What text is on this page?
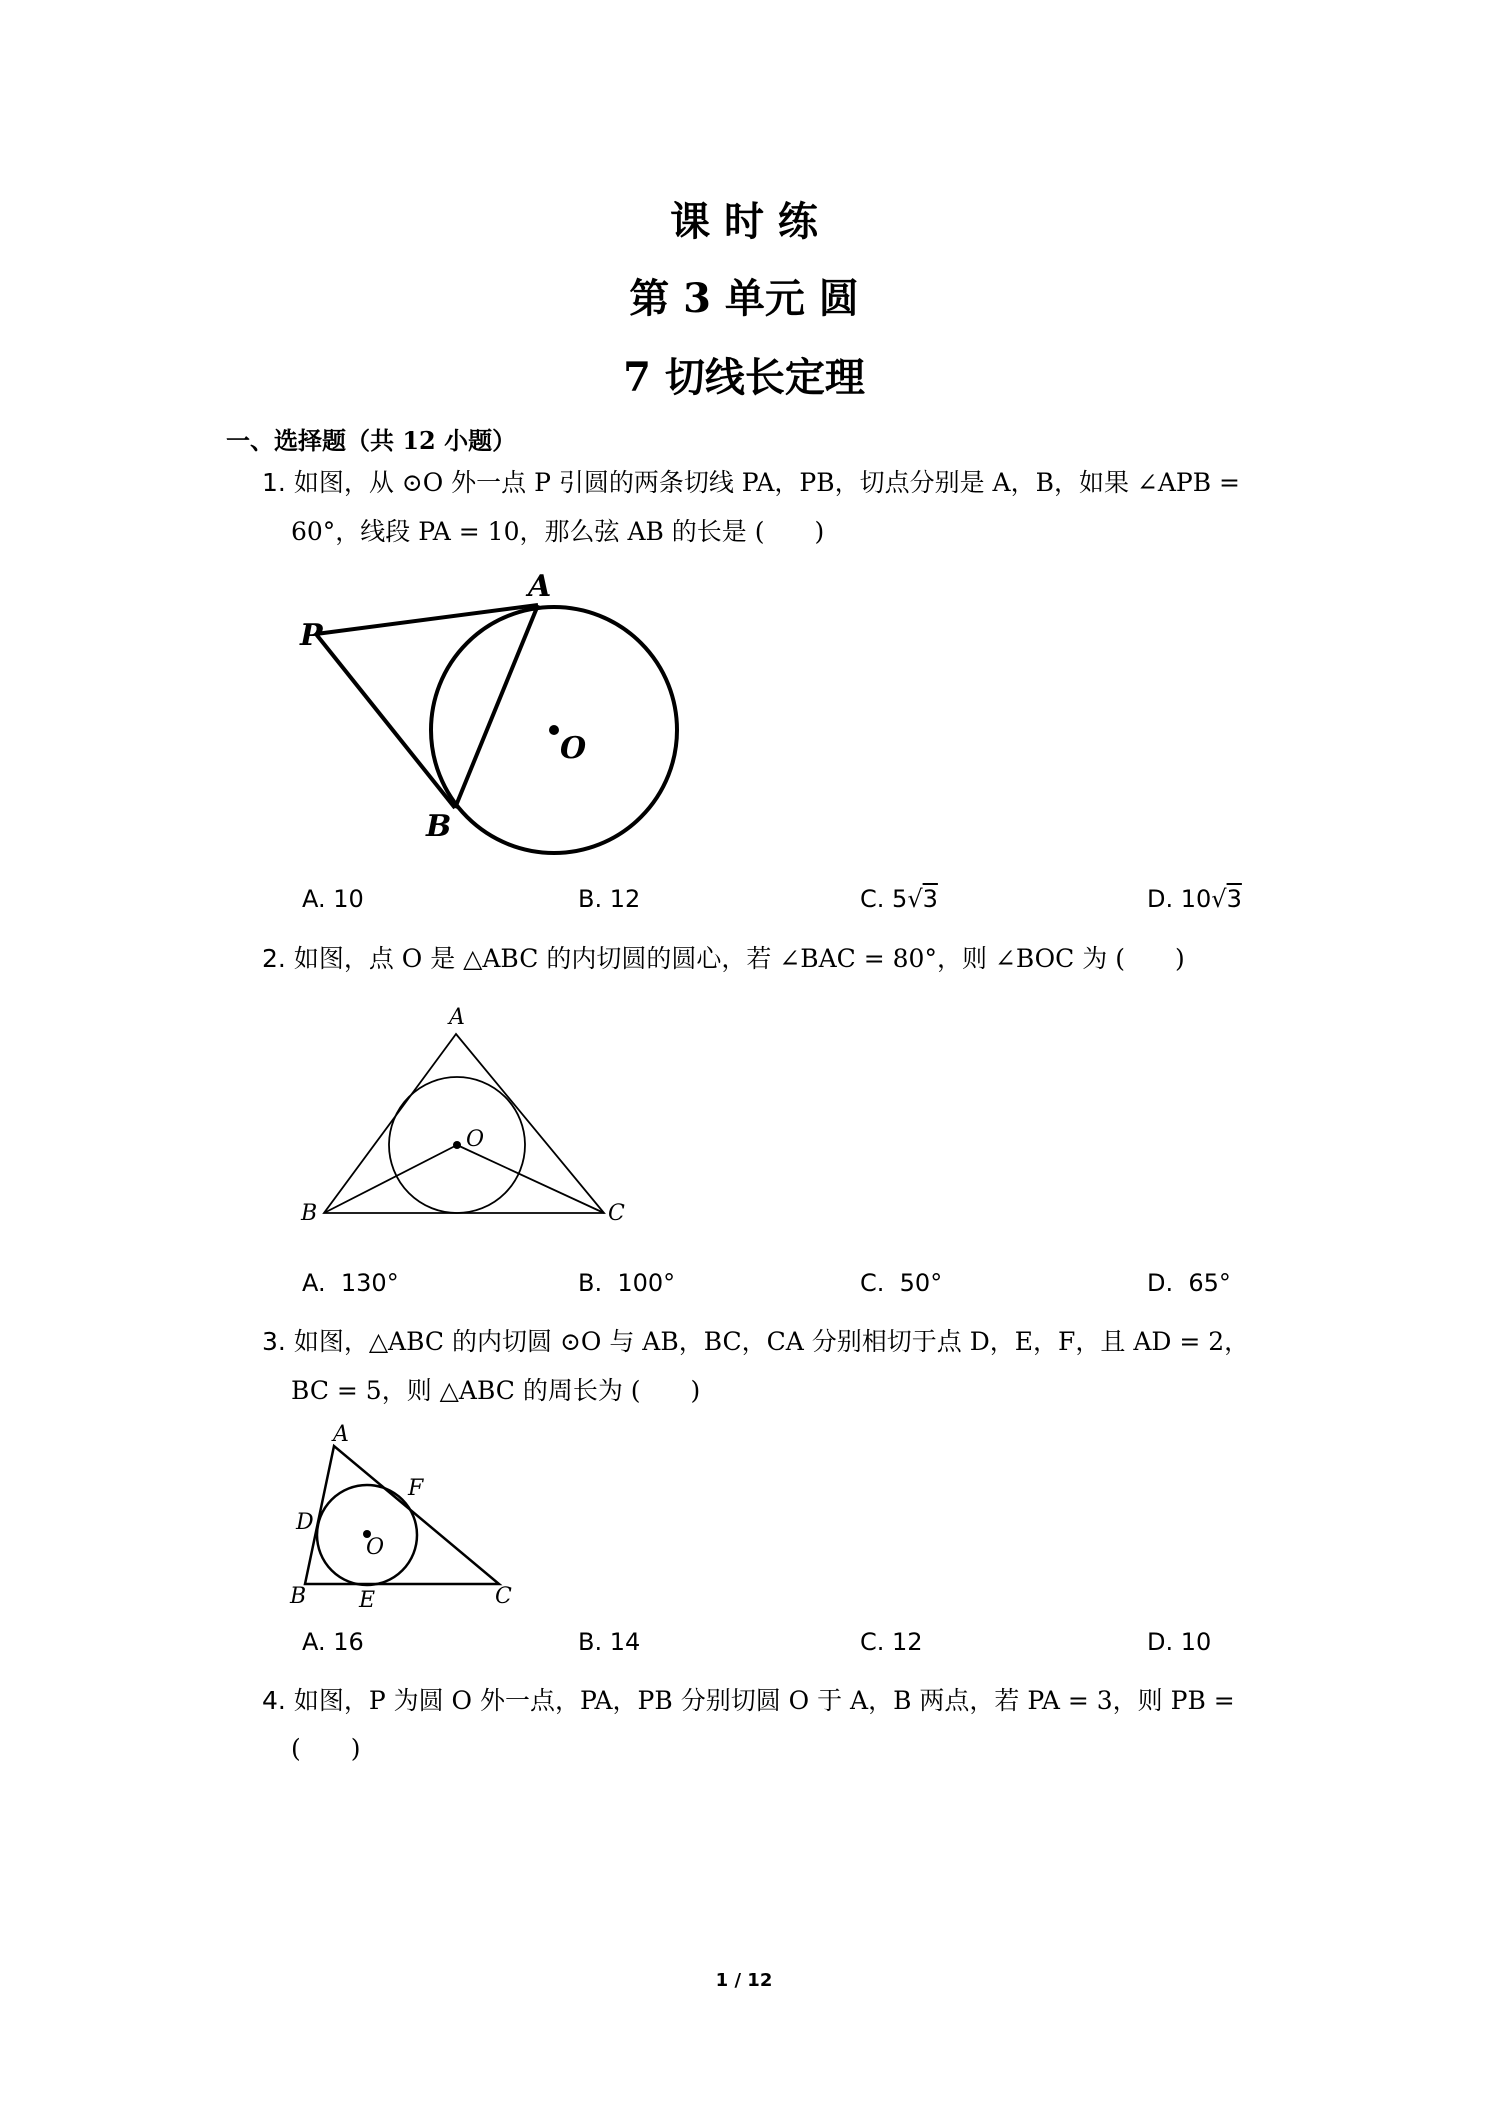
课 时 练
第 3 单元 圆
7 切线长定理
一、选择题（共 12 小题）
1. 如图，从 ⊙O 外一点 P 引圆的两条切线 PA，PB，切点分别是 A，B，如果 ∠APB =
60°，线段 PA = 10，那么弦 AB 的长是 (　　)
P
A
B
O
A. 10	B. 12	C. 5√3	D. 10√3
2. 如图，点 O 是 △ABC 的内切圆的圆心，若 ∠BAC = 80°，则 ∠BOC 为 (　　)
A
B	C
O
A. 130°	B. 100°	C. 50°	D. 65°
3. 如图，△ABC 的内切圆 ⊙O 与 AB，BC，CA 分别相切于点 D，E，F，且 AD = 2，
BC = 5，则 △ABC 的周长为 (　　)
A
D
F
O
B E	C
A. 16	B. 14	C. 12	D. 10
4. 如图，P 为圆 O 外一点，PA，PB 分别切圆 O 于 A，B 两点，若 PA = 3，则 PB =
(　　)
1 / 12
